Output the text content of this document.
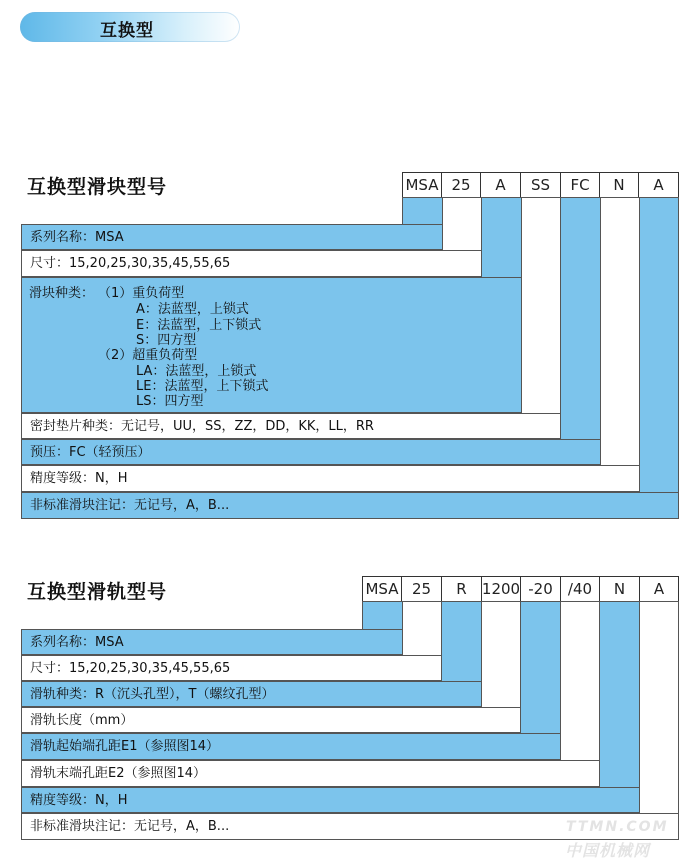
互换型
互换型滑块型号	MSA 25	A	SS	FC	N	A
系列名称：MSA
尺寸：15,20,25,30,35,45,55,65
滑块种类： （1）重负荷型
A：法蓝型，上锁式
E：法蓝型，上下锁式
S：四方型
（2）超重负荷型
LA：法蓝型，上锁式
LE：法蓝型，上下锁式
LS：四方型
密封垫片种类：无记号，UU，SS，ZZ，DD，KK，LL，RR
预压：FC（轻预压）
精度等级：N，H
非标准滑块注记：无记号，A，B...
互换型滑轨型号	MSA 25	R	1200 -20	/40	N	A
系列名称：MSA
尺寸：15,20,25,30,35,45,55,65
滑轨种类：R（沉头孔型），T（螺纹孔型）
滑轨长度（mm）
滑轨起始端孔距E1（参照图14）
滑轨末端孔距E2（参照图14）
精度等级：N，H
非标准滑块注记：无记号，A，B...	TTMN.COM
中国机械网
